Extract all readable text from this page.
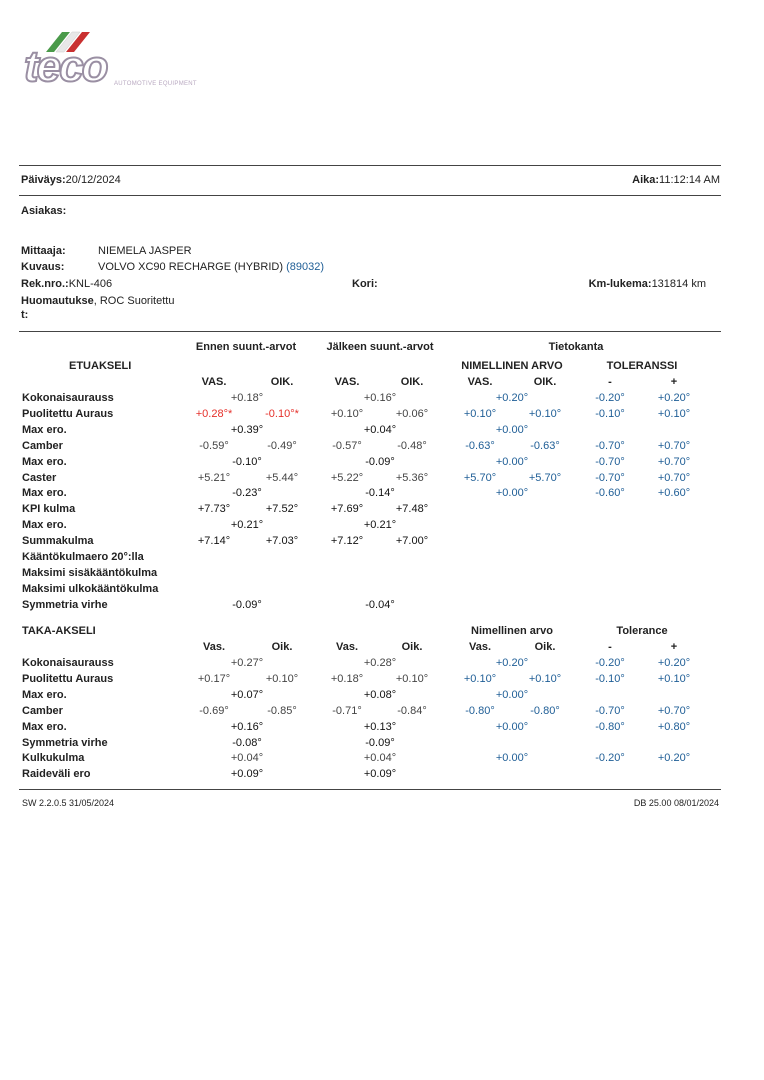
teco AUTOMOTIVE EQUIPMENT
Päiväys:20/12/2024	Aika:11:12:14 AM
Asiakas:
Mittaaja:	NIEMELA JASPER
Kuvaus:	VOLVO XC90 RECHARGE (HYBRID) (89032)
Rek.nro.:KNL-406	Kori:	Km-lukema:131814 km
Huomautukse, ROC Suoritettu
t:
Ennen suunt.-arvot	Jälkeen suunt.-arvot	Tietokanta
ETUAKSELI	NIMELLINEN ARVO	TOLERANSSI
VAS.	OIK.	VAS.	OIK.	VAS.	OIK.	-	+
Kokonaisaurauss	+0.18°	+0.16°	+0.20°	-0.20°	+0.20°
Puolitettu Auraus	+0.28°*	-0.10°*	+0.10°	+0.06°	+0.10°	+0.10°	-0.10°	+0.10°
Max ero.	+0.39°	+0.04°	+0.00°
Camber	-0.59°	-0.49°	-0.57°	-0.48°	-0.63°	-0.63°	-0.70°	+0.70°
Max ero.	-0.10°	-0.09°	+0.00°	-0.70°	+0.70°
Caster	+5.21°	+5.44°	+5.22°	+5.36°	+5.70°	+5.70°	-0.70°	+0.70°
Max ero.	-0.23°	-0.14°	+0.00°	-0.60°	+0.60°
KPI kulma	+7.73°	+7.52°	+7.69°	+7.48°
Max ero.	+0.21°	+0.21°
Summakulma	+7.14°	+7.03°	+7.12°	+7.00°
Kääntökulmaero 20°:lla
Maksimi sisäkääntökulma
Maksimi ulkokääntökulma
Symmetria virhe	-0.09°	-0.04°
TAKA-AKSELI	Nimellinen arvo	Tolerance
Vas.	Oik.	Vas.	Oik.	Vas.	Oik.	-	+
Kokonaisaurauss	+0.27°	+0.28°	+0.20°	-0.20°	+0.20°
Puolitettu Auraus	+0.17°	+0.10°	+0.18°	+0.10°	+0.10°	+0.10°	-0.10°	+0.10°
Max ero.	+0.07°	+0.08°	+0.00°
Camber	-0.69°	-0.85°	-0.71°	-0.84°	-0.80°	-0.80°	-0.70°	+0.70°
Max ero.	+0.16°	+0.13°	+0.00°	-0.80°	+0.80°
Symmetria virhe	-0.08°	-0.09°
Kulkukulma	+0.04°	+0.04°	+0.00°	-0.20°	+0.20°
Raideväli ero	+0.09°	+0.09°
SW 2.2.0.5 31/05/2024	DB 25.00 08/01/2024
